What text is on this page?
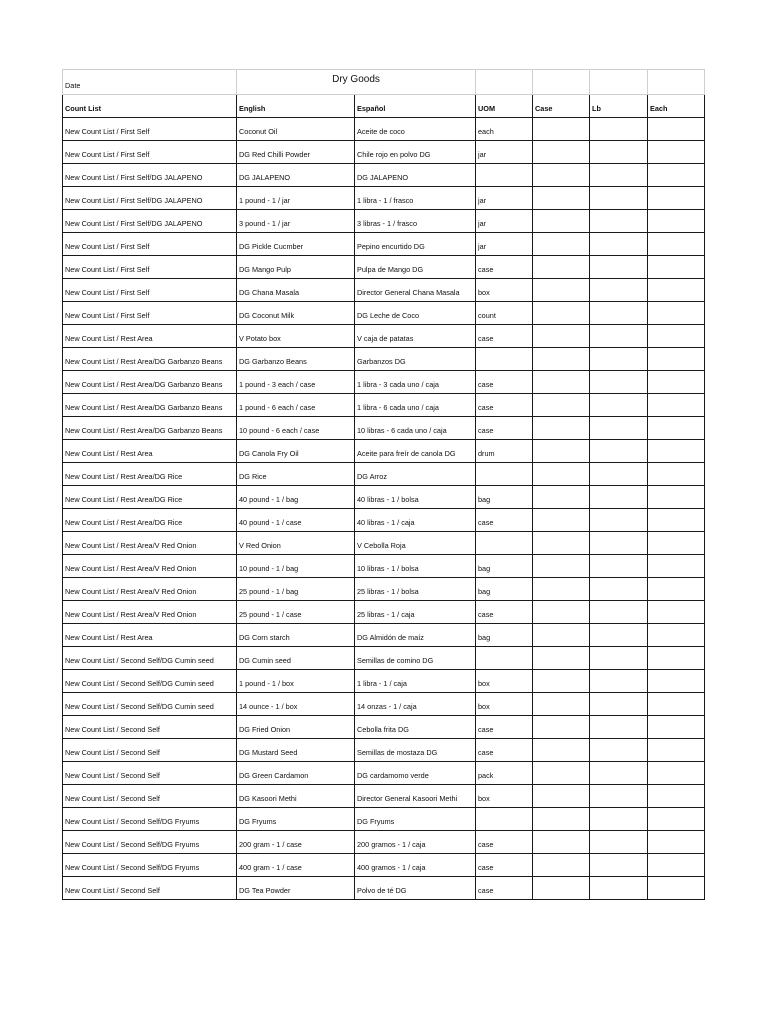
Date	Dry Goods					
Count List	English	Español	UOM	Case	Lb	Each
New Count List / First Self	Coconut Oil	Aceite de coco	each			
New Count List / First Self	DG Red Chilli Powder	Chile rojo en polvo DG	jar			
New Count List / First Self/DG JALAPENO	DG JALAPENO	DG JALAPENO				
New Count List / First Self/DG JALAPENO	1 pound - 1 / jar	1 libra - 1 / frasco	jar			
New Count List / First Self/DG JALAPENO	3 pound - 1 / jar	3 libras - 1 / frasco	jar			
New Count List / First Self	DG Pickle Cucmber	Pepino encurtido DG	jar			
New Count List / First Self	DG Mango Pulp	Pulpa de Mango DG	case			
New Count List / First Self	DG Chana Masala	Director General Chana Masala	box			
New Count List / First Self	DG Coconut Milk	DG Leche de Coco	count			
New Count List / Rest Area	V Potato box	V caja de patatas	case			
New Count List / Rest Area/DG Garbanzo Beans	DG Garbanzo Beans	Garbanzos DG				
New Count List / Rest Area/DG Garbanzo Beans	1 pound - 3 each / case	1 libra - 3 cada uno / caja	case			
New Count List / Rest Area/DG Garbanzo Beans	1 pound - 6 each / case	1 libra - 6 cada uno / caja	case			
New Count List / Rest Area/DG Garbanzo Beans	10 pound - 6 each / case	10 libras - 6 cada uno / caja	case			
New Count List / Rest Area	DG Canola Fry Oil	Aceite para freír de canola DG	drum			
New Count List / Rest Area/DG Rice	DG Rice	DG Arroz				
New Count List / Rest Area/DG Rice	40 pound - 1 / bag	40 libras - 1 / bolsa	bag			
New Count List / Rest Area/DG Rice	40 pound - 1 / case	40 libras - 1 / caja	case			
New Count List / Rest Area/V Red Onion	V Red Onion	V Cebolla Roja				
New Count List / Rest Area/V Red Onion	10 pound - 1 / bag	10 libras - 1 / bolsa	bag			
New Count List / Rest Area/V Red Onion	25 pound - 1 / bag	25 libras - 1 / bolsa	bag			
New Count List / Rest Area/V Red Onion	25 pound - 1 / case	25 libras - 1 / caja	case			
New Count List / Rest Area	DG Corn starch	DG Almidón de maíz	bag			
New Count List / Second Self/DG Cumin seed	DG Cumin seed	Semillas de comino DG				
New Count List / Second Self/DG Cumin seed	1 pound - 1 / box	1 libra - 1 / caja	box			
New Count List / Second Self/DG Cumin seed	14 ounce - 1 / box	14 onzas - 1 / caja	box			
New Count List / Second Self	DG Fried Onion	Cebolla frita DG	case			
New Count List / Second Self	DG Mustard Seed	Semillas de mostaza DG	case			
New Count List / Second Self	DG Green Cardamon	DG cardamomo verde	pack			
New Count List / Second Self	DG Kasoori Methi	Director General Kasoori Methi	box			
New Count List / Second Self/DG Fryums	DG Fryums	DG Fryums				
New Count List / Second Self/DG Fryums	200 gram - 1 / case	200 gramos - 1 / caja	case			
New Count List / Second Self/DG Fryums	400 gram - 1 / case	400 gramos - 1 / caja	case			
New Count List / Second Self	DG Tea Powder	Polvo de té DG	case			
